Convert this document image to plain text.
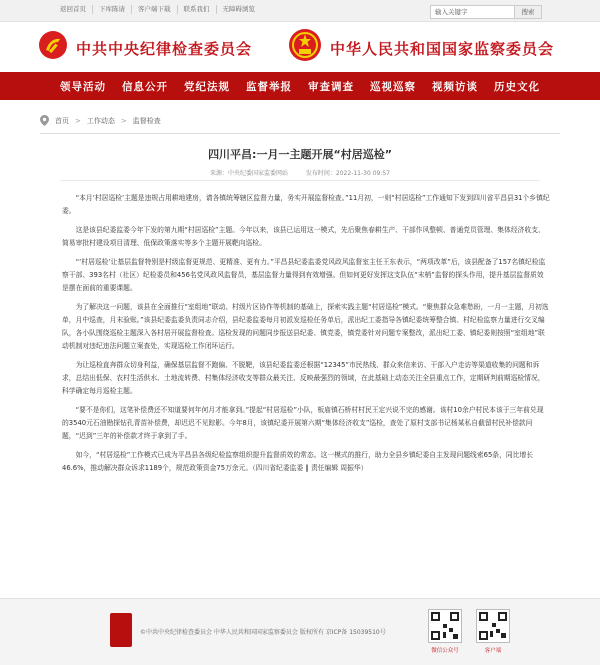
返回首页	下库陈请	客户端下载	联系我们	无障碍浏览	输入关键字	搜索
中共中央纪律检查委员会	中华人民共和国国家监察委员会
领导活动 信息公开 党纪法规 监督举报 审查调查 巡视巡察 视频访谈 历史文化
首页 > 工作动态 > 监督检查
四川平昌:一月一主题开展“村居巡检”
来源：中央纪委国家监委网站	发布时间：2022-11-30 09:57

“本月‘村居巡检’主题是违规占用耕地建房，请各镇统筹辖区监督力量，务实开展监督检查。”11月初，一则“村居巡检”工作通知下发到四川省平昌县31个乡镇纪委。

这是该县纪委监委今年下发的第九期“村居巡检”主题。今年以来，该县已运用这一模式，先后聚焦春耕生产、干部作风整顿、普通党员管理、集体经济收支、简易审批村建设项目清理、低保政策落实等多个主题开展靶向巡检。

“‘村居巡检’让基层监督特别是村级监督更规范、更精准、更有力。”平昌县纪委监委党风政风监督室主任王东表示，“两项改革”后，该县配备了157名镇纪检监察干部、393名村（社区）纪检委员和456名党风政风监督员，基层监督力量得到有效增强。但如何更好发挥这支队伍“末梢”监督的探头作用，提升基层监督质效是摆在面前的重要课题。

为了解决这一问题，该县在全面推行“室组地”联动、村级片区协作等机制的基础上，探索实践主题“村居巡检”模式。“聚焦群众急难愁盼，一月一主题，月初选单，月中巡查，月末验账。”该县纪委监委负责同志介绍，县纪委监委每月初派发巡检任务单后，派出纪工委指导各镇纪委统筹整合镇、村纪检监察力量进行交叉编队，各小队围绕巡检主题深入各村居开展监督检查。巡检发现的问题同步报送县纪委、镇党委，镇党委针对问题专案整改，派出纪工委、镇纪委则按照“室组地”联动机制对违纪违法问题立案查处，实现巡检工作闭环运行。

为让巡检直奔群众切身利益，确保基层监督不跑偏、不脱靶，该县纪委监委还根据“12345”市民热线、群众来信来访、干部入户走访等渠道收集的问题和诉求，总结出低保、农村生活供水、土地流转费、村集体经济收支等群众最关注、反映最强烈的领域，在此基础上动态关注全县重点工作，定期研判前期巡检情况，科学确定每月巡检主题。

“要不是你们，这笔补偿费还不知道要何年何月才能拿到。”提起“村居巡检”小队，板庙镇石桥村村民王定兴说不完的感谢。该村10余户村民本该于三年前兑现的3540元石油勘探钻孔青苗补偿费，却迟迟不见踪影。今年8月，该镇纪委开展第六期“集体经济收支”巡检，查处了原村支部书记杨某私自截留村民补偿款问题，“迟到”三年的补偿款才终于拿到了手。

如今，“村居巡检”工作模式已成为平昌县各级纪检监察组织提升监督质效的常态。这一模式的推行，助力全县乡镇纪委自主发现问题线索65条，同比增长46.6%，推动解决群众诉求1189个，规范政策资金75万余元。（四川省纪委监委 ‖ 责任编辑 周振华）

©中共中央纪律检查委员会 中华人民共和国国家监察委员会 版权所有 京ICP备 15039510号
微信公众号	客户端
